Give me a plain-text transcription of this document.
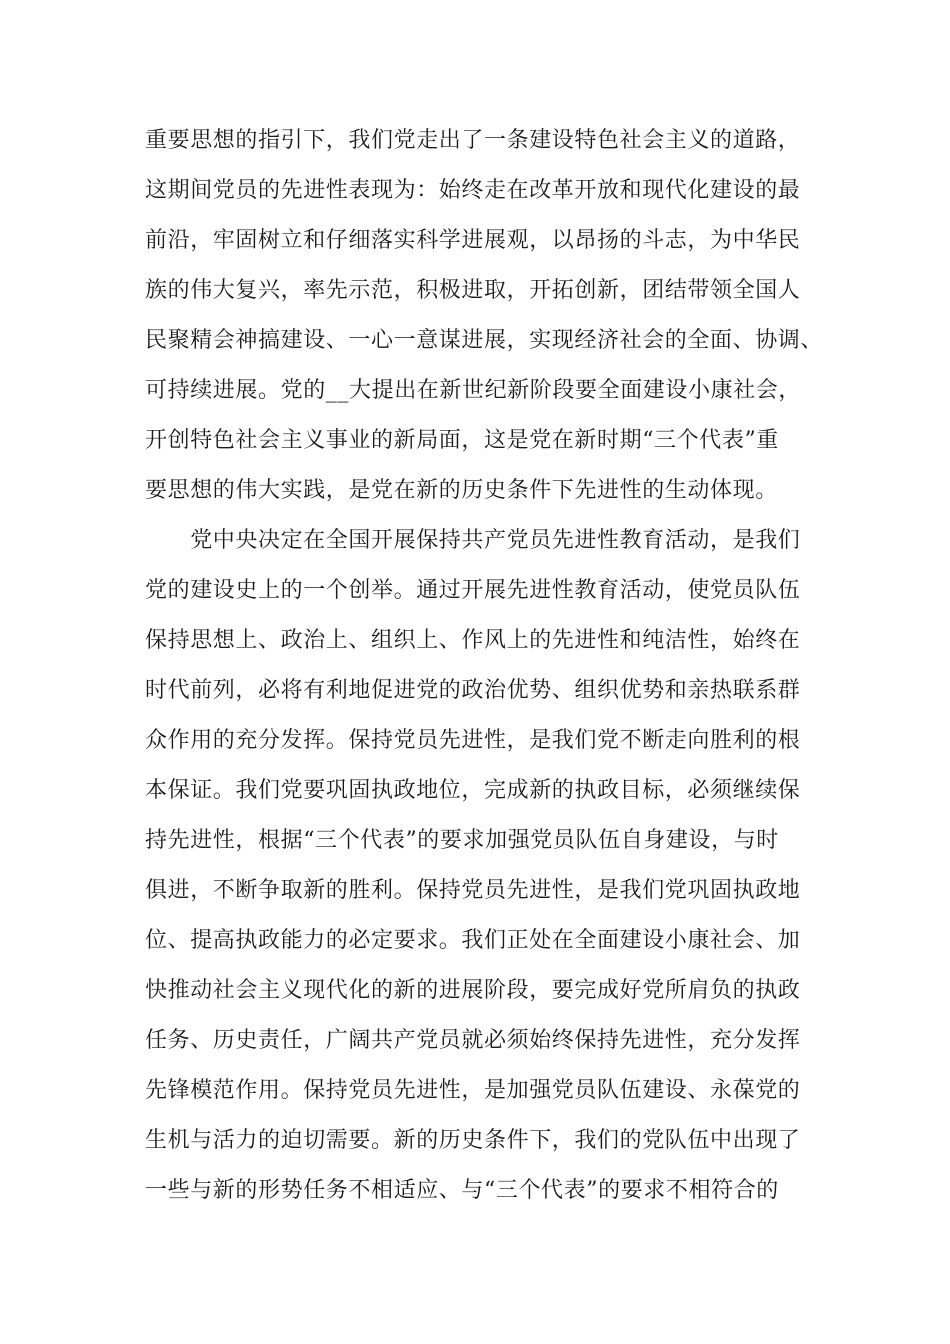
重要思想的指引下，我们党走出了一条建设特色社会主义的道路，
这期间党员的先进性表现为：始终走在改革开放和现代化建设的最
前沿，牢固树立和仔细落实科学进展观，以昂扬的斗志，为中华民
族的伟大复兴，率先示范，积极进取，开拓创新，团结带领全国人
民聚精会神搞建设、一心一意谋进展，实现经济社会的全面、协调、
可持续进展。党的__大提出在新世纪新阶段要全面建设小康社会，
开创特色社会主义事业的新局面，这是党在新时期“三个代表”重
要思想的伟大实践，是党在新的历史条件下先进性的生动体现。
　　党中央决定在全国开展保持共产党员先进性教育活动，是我们
党的建设史上的一个创举。通过开展先进性教育活动，使党员队伍
保持思想上、政治上、组织上、作风上的先进性和纯洁性，始终在
时代前列，必将有利地促进党的政治优势、组织优势和亲热联系群
众作用的充分发挥。保持党员先进性，是我们党不断走向胜利的根
本保证。我们党要巩固执政地位，完成新的执政目标，必须继续保
持先进性，根据“三个代表”的要求加强党员队伍自身建设，与时
俱进，不断争取新的胜利。保持党员先进性，是我们党巩固执政地
位、提高执政能力的必定要求。我们正处在全面建设小康社会、加
快推动社会主义现代化的新的进展阶段，要完成好党所肩负的执政
任务、历史责任，广阔共产党员就必须始终保持先进性，充分发挥
先锋模范作用。保持党员先进性，是加强党员队伍建设、永葆党的
生机与活力的迫切需要。新的历史条件下，我们的党队伍中出现了
一些与新的形势任务不相适应、与“三个代表”的要求不相符合的
